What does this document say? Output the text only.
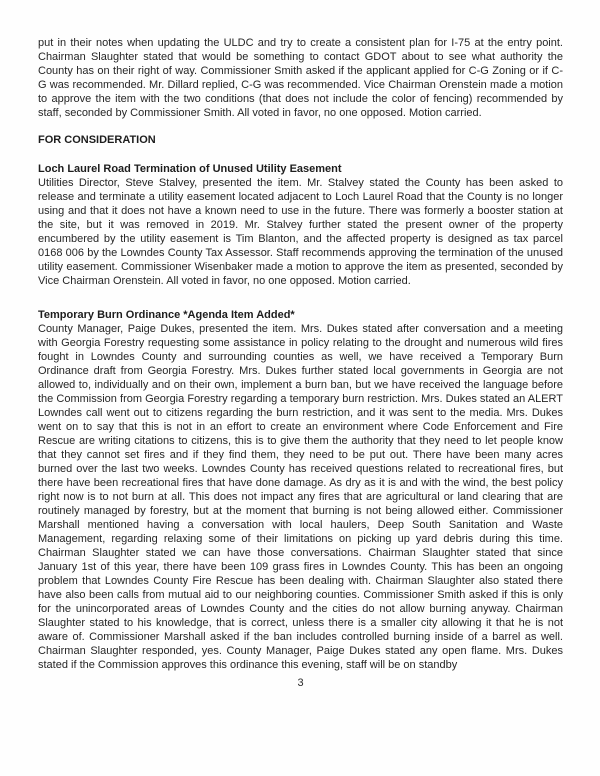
put in their notes when updating the ULDC and try to create a consistent plan for I-75 at the entry point. Chairman Slaughter stated that would be something to contact GDOT about to see what authority the County has on their right of way. Commissioner Smith asked if the applicant applied for C-G Zoning or if C-G was recommended. Mr. Dillard replied, C-G was recommended. Vice Chairman Orenstein made a motion to approve the item with the two conditions (that does not include the color of fencing) recommended by staff, seconded by Commissioner Smith. All voted in favor, no one opposed. Motion carried.

FOR CONSIDERATION
Loch Laurel Road Termination of Unused Utility Easement

Utilities Director, Steve Stalvey, presented the item. Mr. Stalvey stated the County has been asked to release and terminate a utility easement located adjacent to Loch Laurel Road that the County is no longer using and that it does not have a known need to use in the future. There was formerly a booster station at the site, but it was removed in 2019. Mr. Stalvey further stated the present owner of the property encumbered by the utility easement is Tim Blanton, and the affected property is designed as tax parcel 0168 006 by the Lowndes County Tax Assessor. Staff recommends approving the termination of the unused utility easement. Commissioner Wisenbaker made a motion to approve the item as presented, seconded by Vice Chairman Orenstein. All voted in favor, no one opposed. Motion carried.

Temporary Burn Ordinance *Agenda Item Added*

County Manager, Paige Dukes, presented the item. Mrs. Dukes stated after conversation and a meeting with Georgia Forestry requesting some assistance in policy relating to the drought and numerous wild fires fought in Lowndes County and surrounding counties as well, we have received a Temporary Burn Ordinance draft from Georgia Forestry. Mrs. Dukes further stated local governments in Georgia are not allowed to, individually and on their own, implement a burn ban, but we have received the language before the Commission from Georgia Forestry regarding a temporary burn restriction. Mrs. Dukes stated an ALERT Lowndes call went out to citizens regarding the burn restriction, and it was sent to the media. Mrs. Dukes went on to say that this is not in an effort to create an environment where Code Enforcement and Fire Rescue are writing citations to citizens, this is to give them the authority that they need to let people know that they cannot set fires and if they find them, they need to be put out. There have been many acres burned over the last two weeks. Lowndes County has received questions related to recreational fires, but there have been recreational fires that have done damage. As dry as it is and with the wind, the best policy right now is to not burn at all. This does not impact any fires that are agricultural or land clearing that are routinely managed by forestry, but at the moment that burning is not being allowed either. Commissioner Marshall mentioned having a conversation with local haulers, Deep South Sanitation and Waste Management, regarding relaxing some of their limitations on picking up yard debris during this time. Chairman Slaughter stated we can have those conversations. Chairman Slaughter stated that since January 1st of this year, there have been 109 grass fires in Lowndes County. This has been an ongoing problem that Lowndes County Fire Rescue has been dealing with. Chairman Slaughter also stated there have also been calls from mutual aid to our neighboring counties. Commissioner Smith asked if this is only for the unincorporated areas of Lowndes County and the cities do not allow burning anyway. Chairman Slaughter stated to his knowledge, that is correct, unless there is a smaller city allowing it that he is not aware of. Commissioner Marshall asked if the ban includes controlled burning inside of a barrel as well. Chairman Slaughter responded, yes. County Manager, Paige Dukes stated any open flame. Mrs. Dukes stated if the Commission approves this ordinance this evening, staff will be on standby

3
